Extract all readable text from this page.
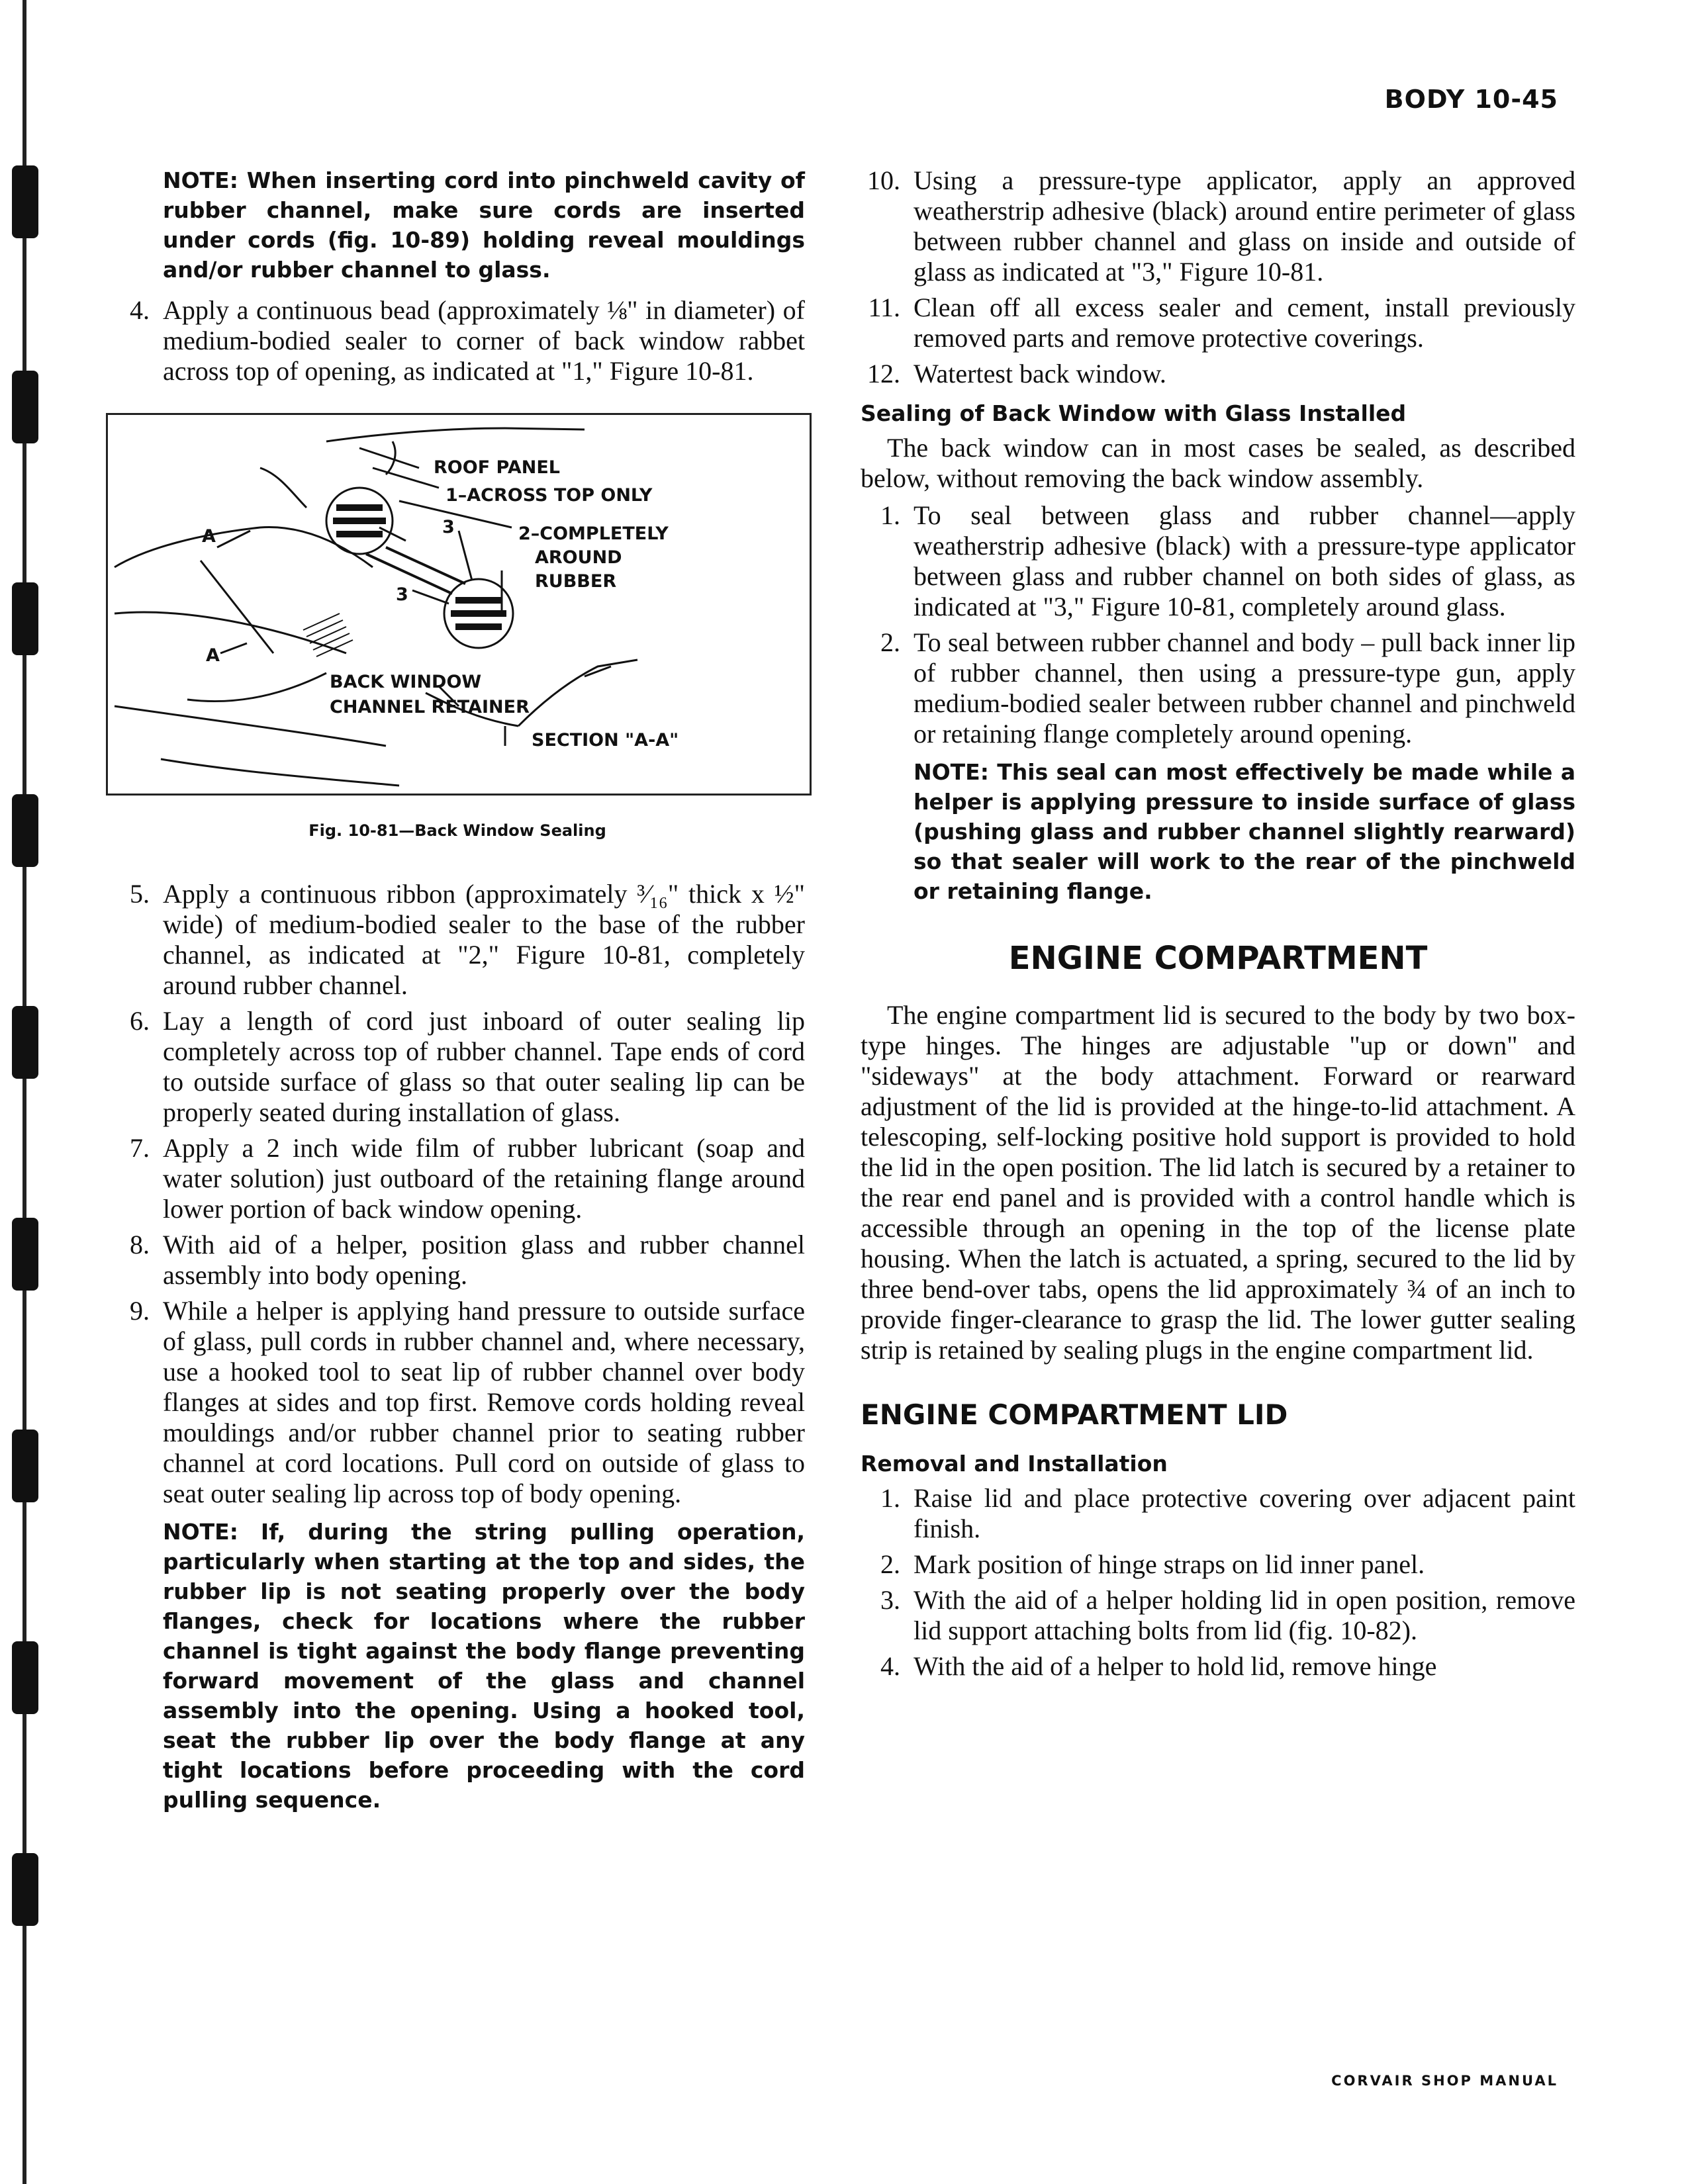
BODY 10-45
NOTE: When inserting cord into pinchweld cavity of rubber channel, make sure cords are inserted under cords (fig. 10-89) holding reveal mouldings and/or rubber channel to glass.
4. Apply a continuous bead (approximately ⅛" in diameter) of medium-bodied sealer to corner of back window rabbet across top of opening, as indicated at "1," Figure 10-81.
ROOF PANEL
1–ACROSS TOP ONLY
2–COMPLETELY
AROUND
RUBBER
3
3
A
A
BACK WINDOW
CHANNEL RETAINER
SECTION "A-A"
Fig. 10-81—Back Window Sealing
5. Apply a continuous ribbon (approximately ³⁄₁₆" thick x ½" wide) of medium-bodied sealer to the base of the rubber channel, as indicated at "2," Figure 10-81, completely around rubber channel.
6. Lay a length of cord just inboard of outer sealing lip completely across top of rubber channel. Tape ends of cord to outside surface of glass so that outer sealing lip can be properly seated during installation of glass.
7. Apply a 2 inch wide film of rubber lubricant (soap and water solution) just outboard of the retaining flange around lower portion of back window opening.
8. With aid of a helper, position glass and rubber channel assembly into body opening.
9. While a helper is applying hand pressure to outside surface of glass, pull cords in rubber channel and, where necessary, use a hooked tool to seat lip of rubber channel over body flanges at sides and top first. Remove cords holding reveal mouldings and/or rubber channel prior to seating rubber channel at cord locations. Pull cord on outside of glass to seat outer sealing lip across top of body opening.
NOTE: If, during the string pulling operation, particularly when starting at the top and sides, the rubber lip is not seating properly over the body flanges, check for locations where the rubber channel is tight against the body flange preventing forward movement of the glass and channel assembly into the opening. Using a hooked tool, seat the rubber lip over the body flange at any tight locations before proceeding with the cord pulling sequence.
10. Using a pressure-type applicator, apply an approved weatherstrip adhesive (black) around entire perimeter of glass between rubber channel and glass on inside and outside of glass as indicated at "3," Figure 10-81.
11. Clean off all excess sealer and cement, install previously removed parts and remove protective coverings.
12. Watertest back window.
Sealing of Back Window with Glass Installed

The back window can in most cases be sealed, as described below, without removing the back window assembly.

1. To seal between glass and rubber channel—apply weatherstrip adhesive (black) with a pressure-type applicator between glass and rubber channel on both sides of glass, as indicated at "3," Figure 10-81, completely around glass.
2. To seal between rubber channel and body – pull back inner lip of rubber channel, then using a pressure-type gun, apply medium-bodied sealer between rubber channel and pinchweld or retaining flange completely around opening.
NOTE: This seal can most effectively be made while a helper is applying pressure to inside surface of glass (pushing glass and rubber channel slightly rearward) so that sealer will work to the rear of the pinchweld or retaining flange.
ENGINE COMPARTMENT

The engine compartment lid is secured to the body by two box-type hinges. The hinges are adjustable "up or down" and "sideways" at the body attachment. Forward or rearward adjustment of the lid is provided at the hinge-to-lid attachment. A telescoping, self-locking positive hold support is provided to hold the lid in the open position. The lid latch is secured by a retainer to the rear end panel and is provided with a control handle which is accessible through an opening in the top of the license plate housing. When the latch is actuated, a spring, secured to the lid by three bend-over tabs, opens the lid approximately ¾ of an inch to provide finger-clearance to grasp the lid. The lower gutter sealing strip is retained by sealing plugs in the engine compartment lid.

ENGINE COMPARTMENT LID
Removal and Installation
1. Raise lid and place protective covering over adjacent paint finish.
2. Mark position of hinge straps on lid inner panel.
3. With the aid of a helper holding lid in open position, remove lid support attaching bolts from lid (fig. 10-82).
4. With the aid of a helper to hold lid, remove hinge
CORVAIR SHOP MANUAL
